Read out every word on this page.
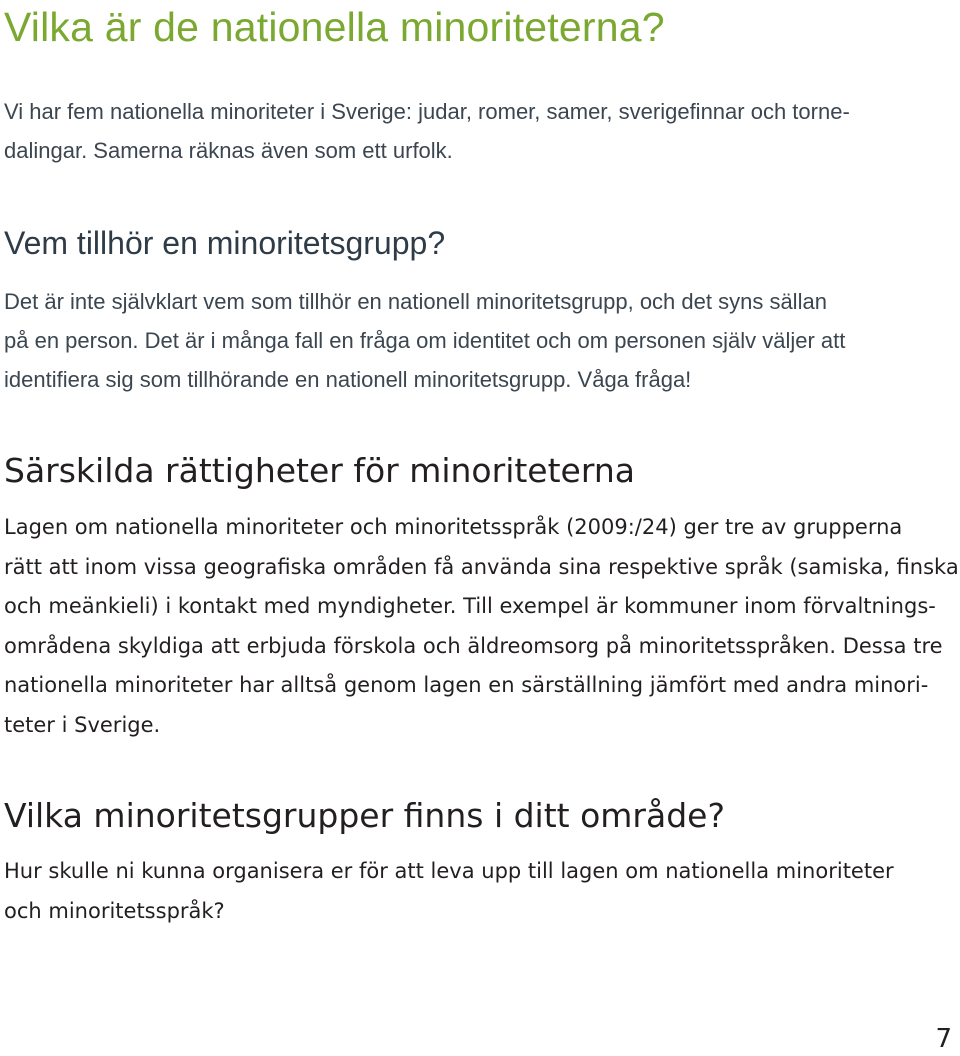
Vilka är de nationella minoriteterna?

Vi har fem nationella minoriteter i Sverige: judar, romer, samer, sverigefinnar och torne-
dalingar. Samerna räknas även som ett urfolk.

Vem tillhör en minoritetsgrupp?

Det är inte självklart vem som tillhör en nationell minoritetsgrupp, och det syns sällan
på en person. Det är i många fall en fråga om identitet och om personen själv väljer att
identifiera sig som tillhörande en nationell minoritetsgrupp. Våga fråga!

Särskilda rättigheter för minoriteterna

Lagen om nationella minoriteter och minoritetsspråk (2009:/24) ger tre av grupperna
rätt att inom vissa geografiska områden få använda sina respektive språk (samiska, finska
och meänkieli) i kontakt med myndigheter. Till exempel är kommuner inom förvaltnings-
områdena skyldiga att erbjuda förskola och äldreomsorg på minoritetsspråken. Dessa tre
nationella minoriteter har alltså genom lagen en särställning jämfört med andra minori-
teter i Sverige.

Vilka minoritetsgrupper finns i ditt område?

Hur skulle ni kunna organisera er för att leva upp till lagen om nationella minoriteter
och minoritetsspråk?

7
